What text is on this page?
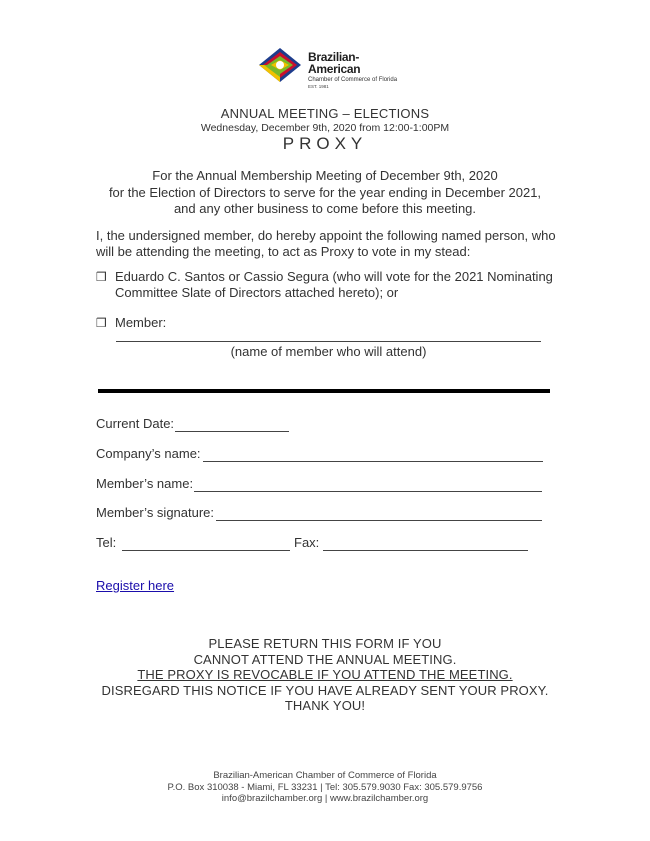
Brazilian-American
Chamber of Commerce of Florida
EST. 1981
ANNUAL MEETING – ELECTIONS
Wednesday, December 9th, 2020 from 12:00-1:00PM
PROXY
For the Annual Membership Meeting of December 9th, 2020
for the Election of Directors to serve for the year ending in December 2021,
and any other business to come before this meeting.
I, the undersigned member, do hereby appoint the following named person, who
will be attending the meeting, to act as Proxy to vote in my stead:
❒ Eduardo C. Santos or Cassio Segura (who will vote for the 2021 Nominating
Committee Slate of Directors attached hereto); or
❒ Member:
(name of member who will attend)
Current Date:
Company’s name:
Member’s name:
Member’s signature:
Tel:	Fax:
Register here
PLEASE RETURN THIS FORM IF YOU
CANNOT ATTEND THE ANNUAL MEETING.
THE PROXY IS REVOCABLE IF YOU ATTEND THE MEETING.
DISREGARD THIS NOTICE IF YOU HAVE ALREADY SENT YOUR PROXY.
THANK YOU!
Brazilian-American Chamber of Commerce of Florida
P.O. Box 310038 - Miami, FL 33231 | Tel: 305.579.9030 Fax: 305.579.9756
info@brazilchamber.org | www.brazilchamber.org
